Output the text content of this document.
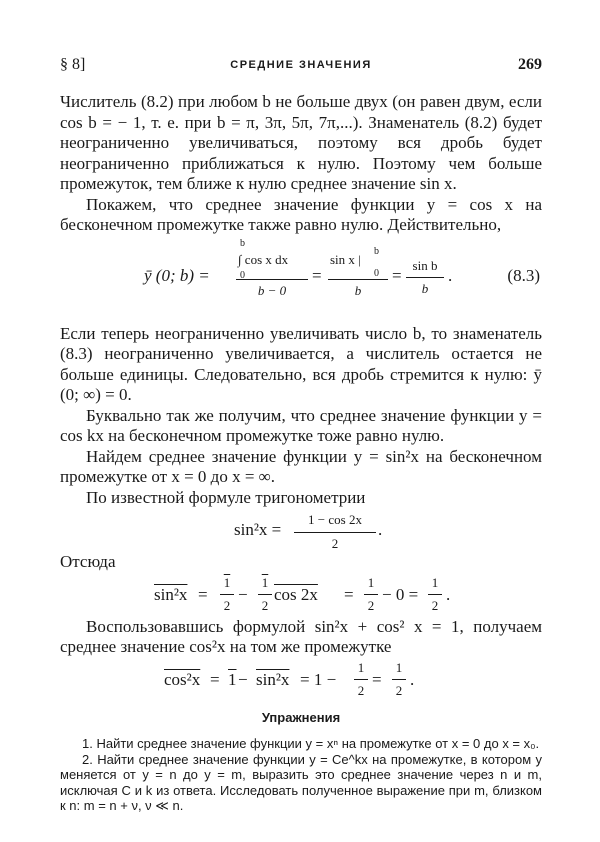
§ 8]	СРЕДНИЕ ЗНАЧЕНИЯ	269

Числитель (8.2) при любом b не больше двух (он равен двум, если cos b = − 1, т. е. при b = π, 3π, 5π, 7π,...). Знаменатель (8.2) будет неограниченно увеличиваться, поэтому вся дробь будет неограниченно приближаться к нулю. Поэтому чем больше промежуток, тем ближе к нулю среднее значение sin x.

Покажем, что среднее значение функции y = cos x на бесконечном промежутке также равно нулю. Действительно,

ȳ (0; b) =
b
∫ cos x dx
0
b − 0
=
b
sin x |
0
b
=
sin b
b
.	(8.3)

Если теперь неограниченно увеличивать число b, то знаменатель (8.3) неограниченно увеличивается, а числитель остается не больше единицы. Следовательно, вся дробь стремится к нулю: ȳ (0; ∞) = 0.

Буквально так же получим, что среднее значение функции y = cos kx на бесконечном промежутке тоже равно нулю.

Найдем среднее значение функции y = sin²x на бесконечном промежутке от x = 0 до x = ∞.

По известной формуле тригонометрии

sin²x =
1 − cos 2x
2
.

Отсюда

sin²x =
1
2
−
1
2
cos 2x =
1
2
− 0 =
1
2
.

Воспользовавшись формулой sin²x + cos² x = 1, получаем среднее значение cos²x на том же промежутке

cos²x = 1 − sin²x = 1 −
1
2
=
1
2
.
Упражнения

1. Найти среднее значение функции y = xⁿ на промежутке от x = 0 до x = x₀.

2. Найти среднее значение функции y = Ce^kx на промежутке, в котором y меняется от y = n до y = m, выразить это среднее значение через n и m, исключая C и k из ответа. Исследовать полученное выражение при m, близком к n: m = n + ν, ν ≪ n.
